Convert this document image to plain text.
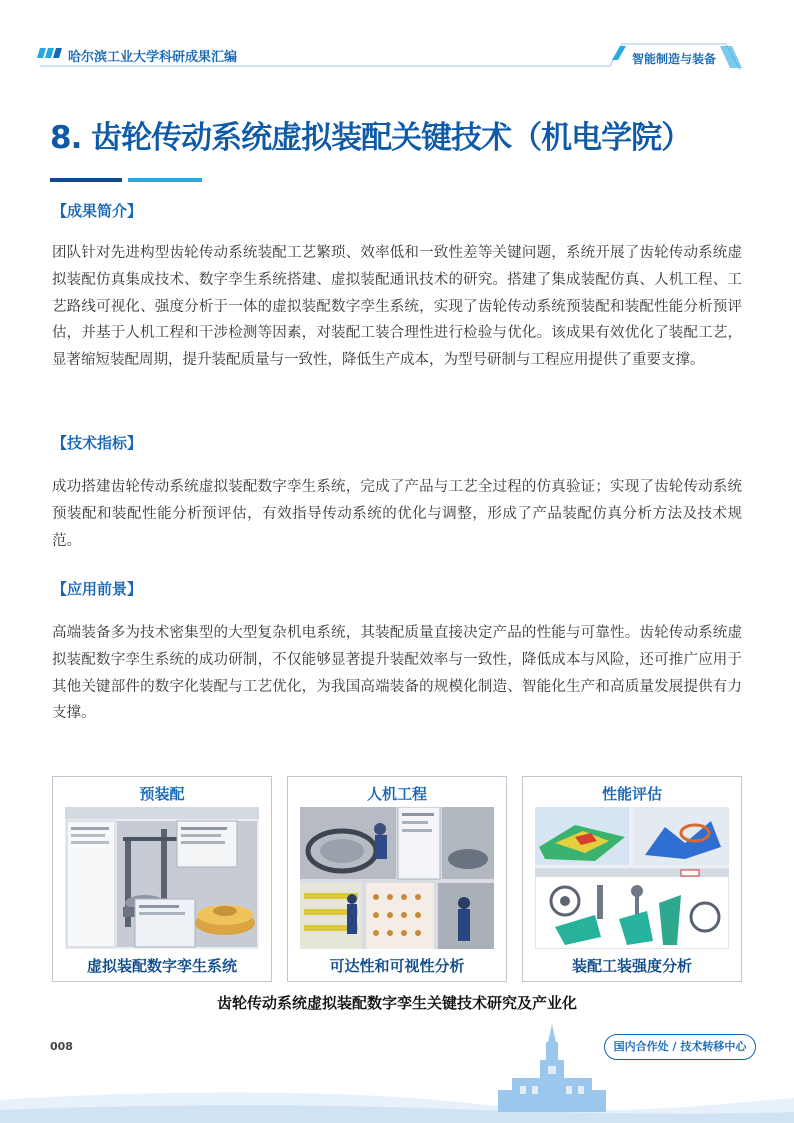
哈尔滨工业大学科研成果汇编	智能制造与装备
8. 齿轮传动系统虚拟装配关键技术（机电学院）
【成果简介】

团队针对先进构型齿轮传动系统装配工艺繁琐、效率低和一致性差等关键问题，系统开展了齿轮传动系统虚拟装配仿真集成技术、数字孪生系统搭建、虚拟装配通讯技术的研究。搭建了集成装配仿真、人机工程、工艺路线可视化、强度分析于一体的虚拟装配数字孪生系统，实现了齿轮传动系统预装配和装配性能分析预评估，并基于人机工程和干涉检测等因素，对装配工装合理性进行检验与优化。该成果有效优化了装配工艺，显著缩短装配周期，提升装配质量与一致性，降低生产成本，为型号研制与工程应用提供了重要支撑。

【技术指标】

成功搭建齿轮传动系统虚拟装配数字孪生系统，完成了产品与工艺全过程的仿真验证；实现了齿轮传动系统预装配和装配性能分析预评估，有效指导传动系统的优化与调整，形成了产品装配仿真分析方法及技术规范。

【应用前景】

高端装备多为技术密集型的大型复杂机电系统，其装配质量直接决定产品的性能与可靠性。齿轮传动系统虚拟装配数字孪生系统的成功研制，不仅能够显著提升装配效率与一致性，降低成本与风险，还可推广应用于其他关键部件的数字化装配与工艺优化，为我国高端装备的规模化制造、智能化生产和高质量发展提供有力支撑。

预装配
虚拟装配数字孪生系统
人机工程
可达性和可视性分析
性能评估
装配工装强度分析
齿轮传动系统虚拟装配数字孪生关键技术研究及产业化
008	国内合作处 / 技术转移中心
